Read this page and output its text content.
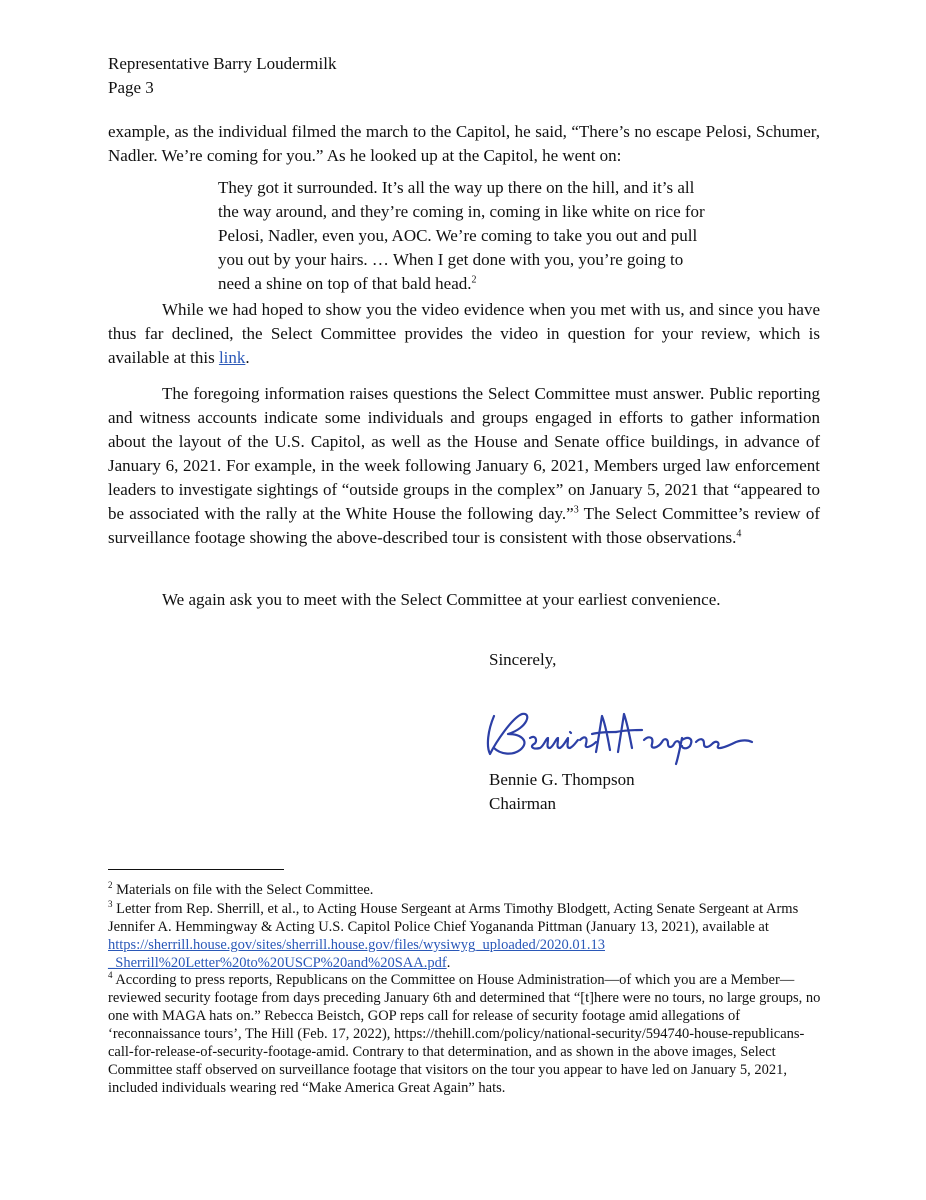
Representative Barry Loudermilk
Page 3

example, as the individual filmed the march to the Capitol, he said, “There’s no escape Pelosi, Schumer, Nadler. We’re coming for you.” As he looked up at the Capitol, he went on:

They got it surrounded. It’s all the way up there on the hill, and it’s all the way around, and they’re coming in, coming in like white on rice for Pelosi, Nadler, even you, AOC. We’re coming to take you out and pull you out by your hairs. … When I get done with you, you’re going to need a shine on top of that bald head.$^2$

While we had hoped to show you the video evidence when you met with us, and since you have thus far declined, the Select Committee provides the video in question for your review, which is available at this link.

The foregoing information raises questions the Select Committee must answer. Public reporting and witness accounts indicate some individuals and groups engaged in efforts to gather information about the layout of the U.S. Capitol, as well as the House and Senate office buildings, in advance of January 6, 2021. For example, in the week following January 6, 2021, Members urged law enforcement leaders to investigate sightings of “outside groups in the complex” on January 5, 2021 that “appeared to be associated with the rally at the White House the following day.”$^3$ The Select Committee’s review of surveillance footage showing the above-described tour is consistent with those observations.$^4$

We again ask you to meet with the Select Committee at your earliest convenience.

Sincerely,
Bennie G. Thompson
Chairman

$^2$ Materials on file with the Select Committee.

$^3$ Letter from Rep. Sherrill, et al., to Acting House Sergeant at Arms Timothy Blodgett, Acting Senate Sergeant at Arms Jennifer A. Hemmingway & Acting U.S. Capitol Police Chief Yogananda Pittman (January 13, 2021), available at https://sherrill.house.gov/sites/sherrill.house.gov/files/wysiwyg_uploaded/2020.01.13
_Sherrill%20Letter%20to%20USCP%20and%20SAA.pdf.

$^4$ According to press reports, Republicans on the Committee on House Administration—of which you are a Member—reviewed security footage from days preceding January 6th and determined that “[t]here were no tours, no large groups, no one with MAGA hats on.” Rebecca Beistch, GOP reps call for release of security footage amid allegations of ‘reconnaissance tours’, The Hill (Feb. 17, 2022), https://thehill.com/policy/national-security/594740-house-republicans-call-for-release-of-security-footage-amid. Contrary to that determination, and as shown in the above images, Select Committee staff observed on surveillance footage that visitors on the tour you appear to have led on January 5, 2021, included individuals wearing red “Make America Great Again” hats.
